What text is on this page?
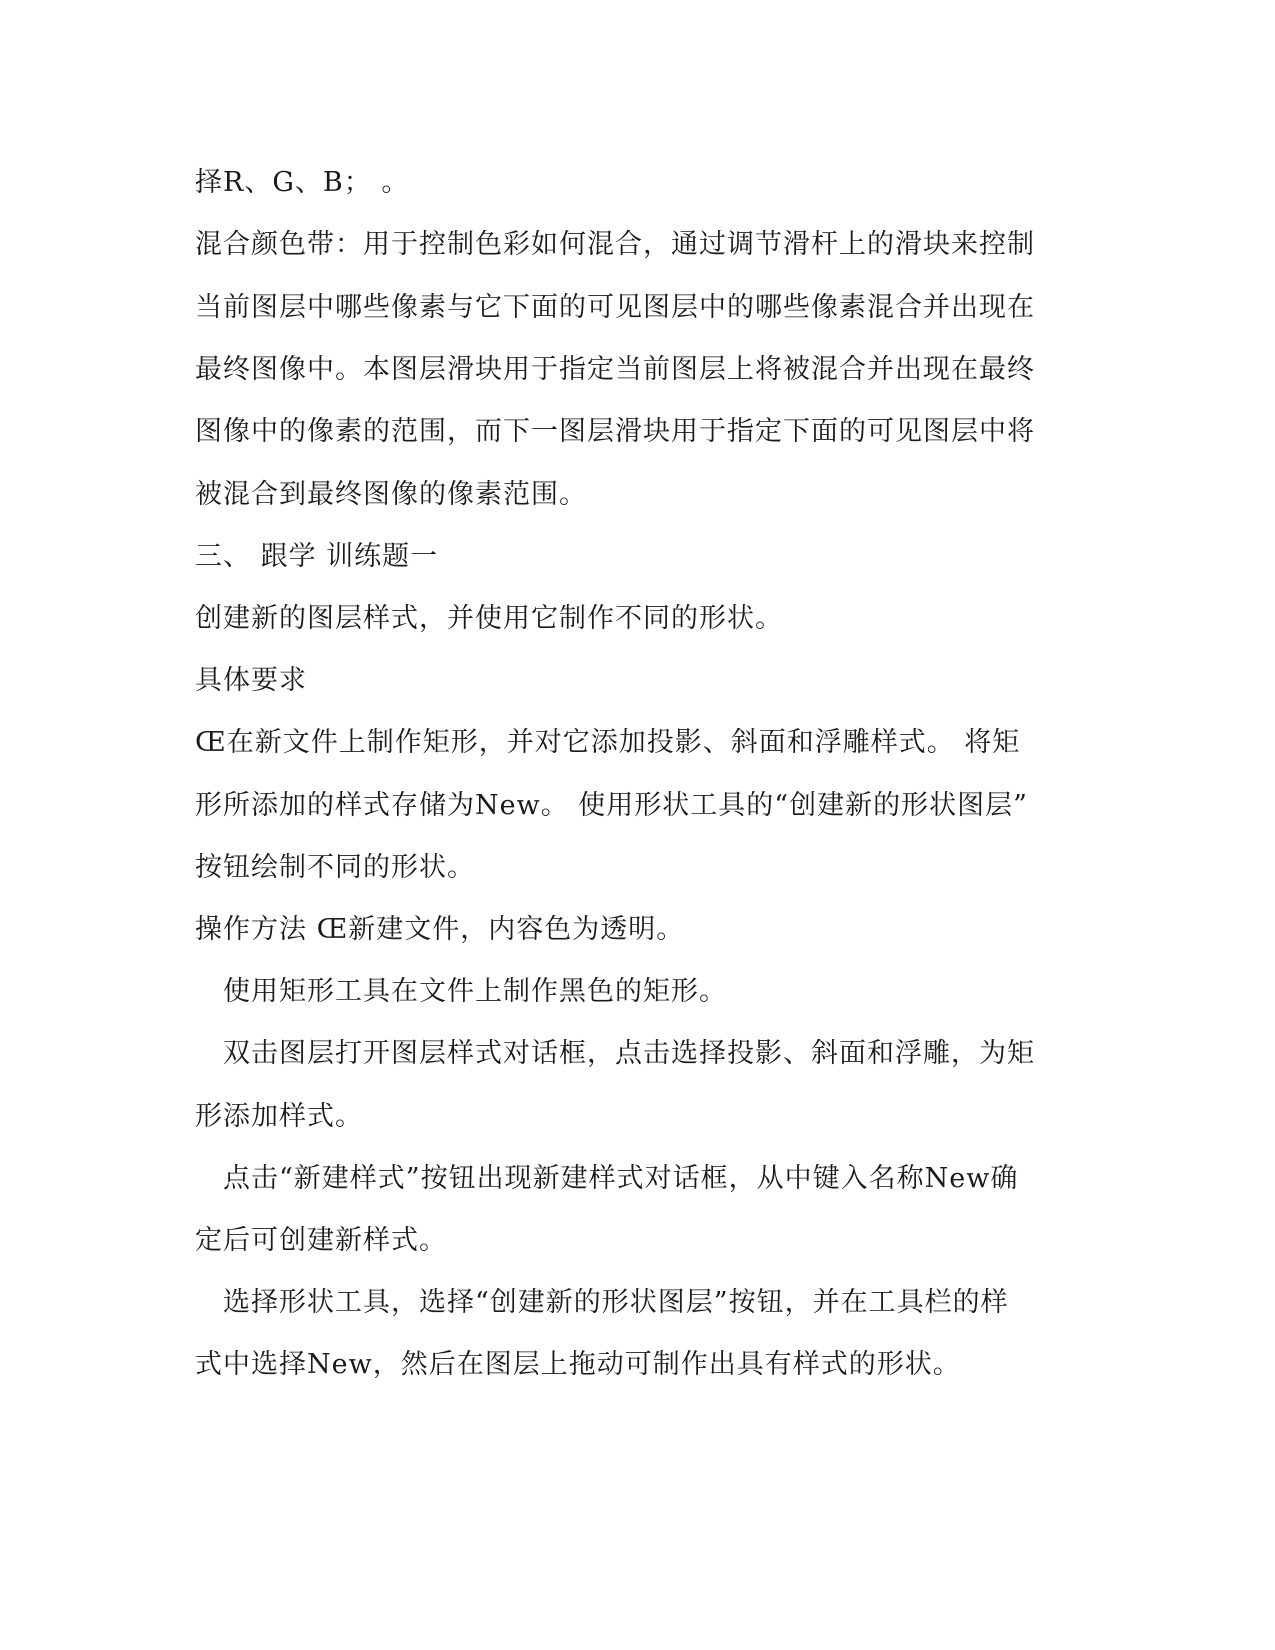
择R、G、B； 。
混合颜色带：用于控制色彩如何混合，通过调节滑杆上的滑块来控制
当前图层中哪些像素与它下面的可见图层中的哪些像素混合并出现在
最终图像中。本图层滑块用于指定当前图层上将被混合并出现在最终
图像中的像素的范围，而下一图层滑块用于指定下面的可见图层中将
被混合到最终图像的像素范围。
三、 跟学 训练题一
创建新的图层样式，并使用它制作不同的形状。
具体要求
Œ在新文件上制作矩形，并对它添加投影、斜面和浮雕样式。 将矩
形所添加的样式存储为New。 使用形状工具的“创建新的形状图层”
按钮绘制不同的形状。
操作方法 Œ新建文件，内容色为透明。
使用矩形工具在文件上制作黑色的矩形。
双击图层打开图层样式对话框，点击选择投影、斜面和浮雕，为矩
形添加样式。
点击“新建样式”按钮出现新建样式对话框，从中键入名称New确
定后可创建新样式。
选择形状工具，选择“创建新的形状图层”按钮，并在工具栏的样
式中选择New，然后在图层上拖动可制作出具有样式的形状。
